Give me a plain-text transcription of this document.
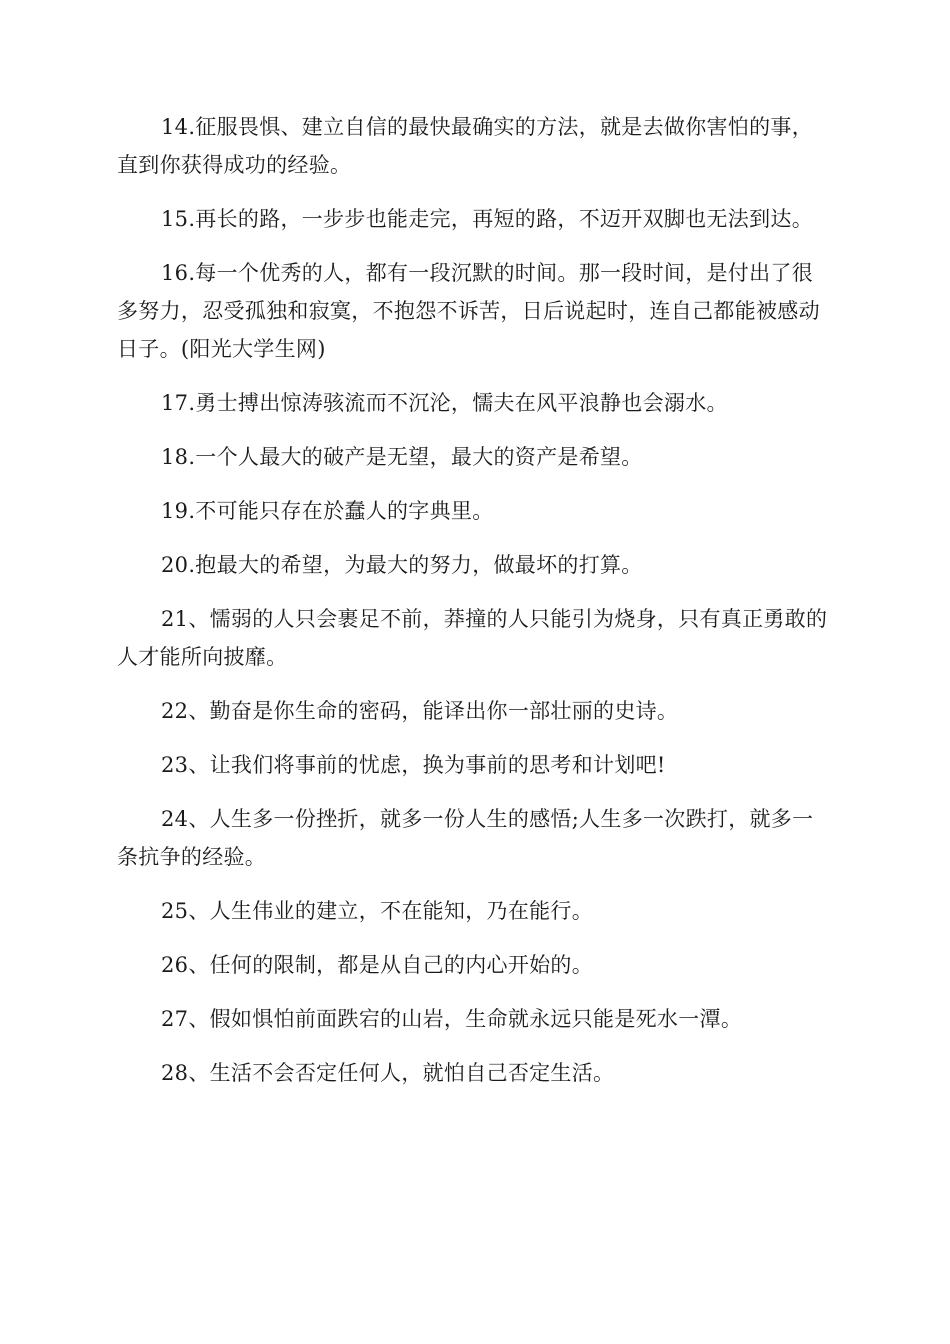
14.征服畏惧、建立自信的最快最确实的方法，就是去做你害怕的事，直到你获得成功的经验。

15.再长的路，一步步也能走完，再短的路，不迈开双脚也无法到达。

16.每一个优秀的人，都有一段沉默的时间。那一段时间，是付出了很多努力，忍受孤独和寂寞，不抱怨不诉苦，日后说起时，连自己都能被感动日子。(阳光大学生网)

17.勇士搏出惊涛骇流而不沉沦，懦夫在风平浪静也会溺水。

18.一个人最大的破产是无望，最大的资产是希望。

19.不可能只存在於蠢人的字典里。

20.抱最大的希望，为最大的努力，做最坏的打算。

21、懦弱的人只会裹足不前，莽撞的人只能引为烧身，只有真正勇敢的人才能所向披靡。

22、勤奋是你生命的密码，能译出你一部壮丽的史诗。

23、让我们将事前的忧虑，换为事前的思考和计划吧!

24、人生多一份挫折，就多一份人生的感悟;人生多一次跌打，就多一条抗争的经验。

25、人生伟业的建立，不在能知，乃在能行。

26、任何的限制，都是从自己的内心开始的。

27、假如惧怕前面跌宕的山岩，生命就永远只能是死水一潭。

28、生活不会否定任何人，就怕自己否定生活。
